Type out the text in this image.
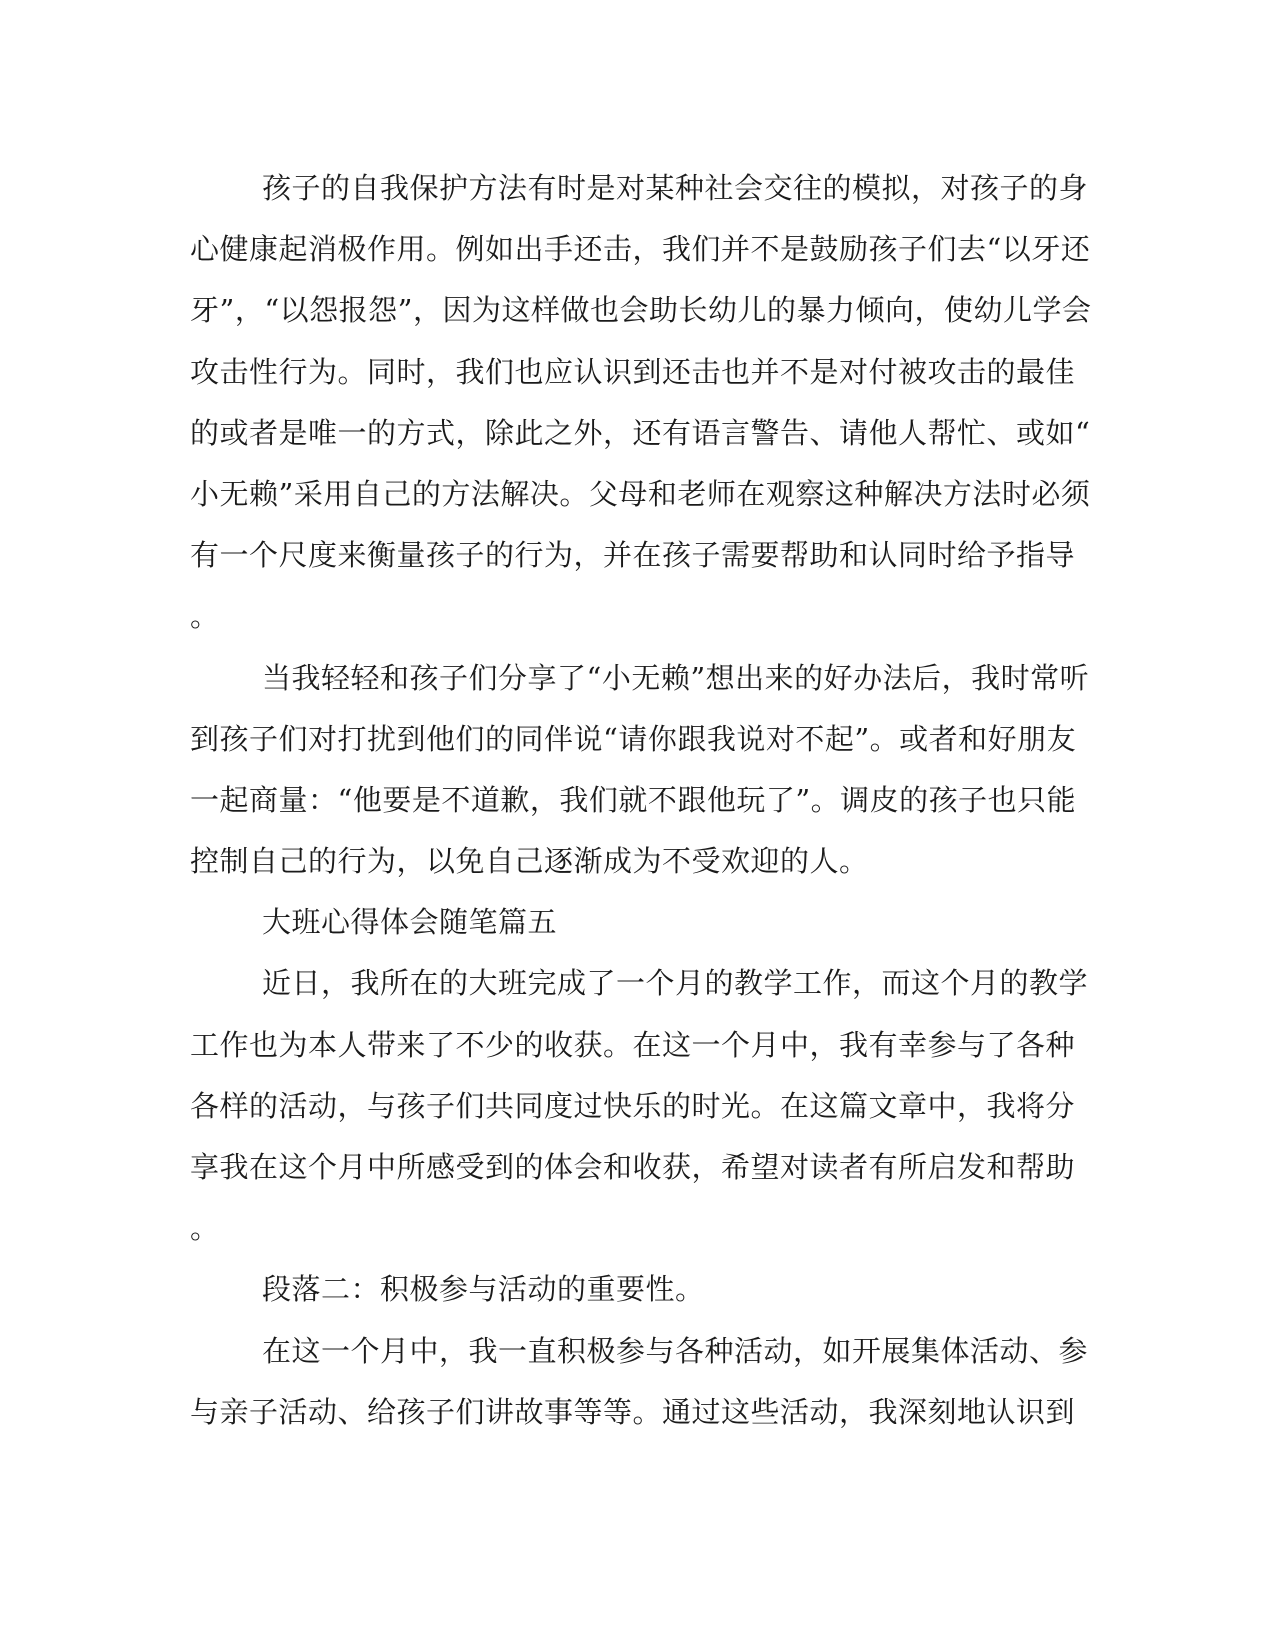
孩子的自我保护方法有时是对某种社会交往的模拟，对孩子的身
心健康起消极作用。例如出手还击，我们并不是鼓励孩子们去“以牙还
牙”，“以怨报怨”，因为这样做也会助长幼儿的暴力倾向，使幼儿学会
攻击性行为。同时，我们也应认识到还击也并不是对付被攻击的最佳
的或者是唯一的方式，除此之外，还有语言警告、请他人帮忙、或如“
小无赖”采用自己的方法解决。父母和老师在观察这种解决方法时必须
有一个尺度来衡量孩子的行为，并在孩子需要帮助和认同时给予指导
。
当我轻轻和孩子们分享了“小无赖”想出来的好办法后，我时常听
到孩子们对打扰到他们的同伴说“请你跟我说对不起”。或者和好朋友
一起商量：“他要是不道歉，我们就不跟他玩了”。调皮的孩子也只能
控制自己的行为，以免自己逐渐成为不受欢迎的人。
大班心得体会随笔篇五
近日，我所在的大班完成了一个月的教学工作，而这个月的教学
工作也为本人带来了不少的收获。在这一个月中，我有幸参与了各种
各样的活动，与孩子们共同度过快乐的时光。在这篇文章中，我将分
享我在这个月中所感受到的体会和收获，希望对读者有所启发和帮助
。
段落二：积极参与活动的重要性。
在这一个月中，我一直积极参与各种活动，如开展集体活动、参
与亲子活动、给孩子们讲故事等等。通过这些活动，我深刻地认识到
